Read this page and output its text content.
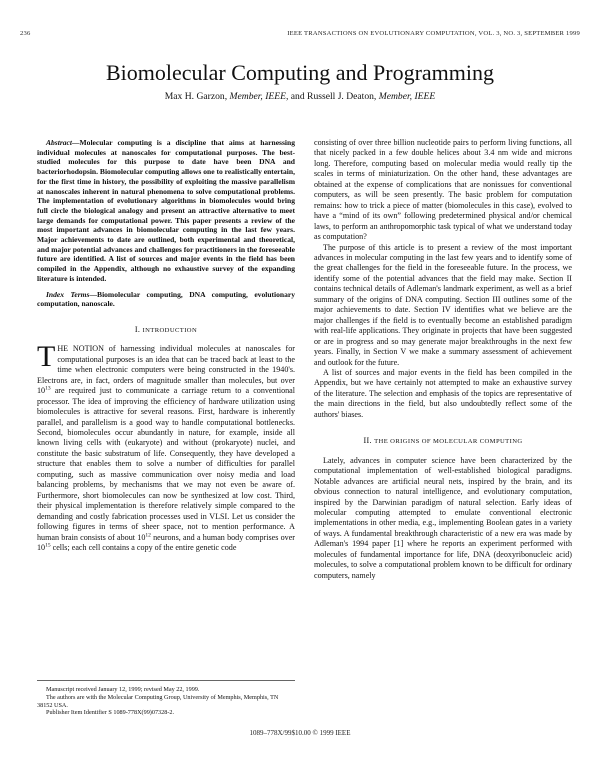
236	IEEE TRANSACTIONS ON EVOLUTIONARY COMPUTATION, VOL. 3, NO. 3, SEPTEMBER 1999
Biomolecular Computing and Programming
Max H. Garzon, Member, IEEE, and Russell J. Deaton, Member, IEEE

Abstract—Molecular computing is a discipline that aims at harnessing individual molecules at nanoscales for computational purposes. The best-studied molecules for this purpose to date have been DNA and bacteriorhodopsin. Biomolecular computing allows one to realistically entertain, for the first time in history, the possibility of exploiting the massive parallelism at nanoscales inherent in natural phenomena to solve computational problems. The implementation of evolutionary algorithms in biomolecules would bring full circle the biological analogy and present an attractive alternative to meet large demands for computational power. This paper presents a review of the most important advances in biomolecular computing in the last few years. Major achievements to date are outlined, both experimental and theoretical, and major potential advances and challenges for practitioners in the foreseeable future are identified. A list of sources and major events in the field has been compiled in the Appendix, although no exhaustive survey of the expanding literature is intended.

Index Terms—Biomolecular computing, DNA computing, evolutionary computation, nanoscale.

I. INTRODUCTION

THE NOTION of harnessing individual molecules at nanoscales for computational purposes is an idea that can be traced back at least to the time when electronic computers were being constructed in the 1940's. Electrons are, in fact, orders of magnitude smaller than molecules, but over $10^{13}$ are required just to communicate a carriage return to a conventional processor. The idea of improving the efficiency of hardware utilization using biomolecules is attractive for several reasons. First, hardware is inherently parallel, and parallelism is a good way to handle computational bottlenecks. Second, biomolecules occur abundantly in nature, for example, inside all known living cells with (eukaryote) and without (prokaryote) nuclei, and constitute the basic substratum of life. Consequently, they have developed a structure that enables them to solve a number of difficulties for parallel computing, such as massive communication over noisy media and load balancing problems, by mechanisms that we may not even be aware of. Furthermore, short biomolecules can now be synthesized at low cost. Third, their physical implementation is therefore relatively simple compared to the demanding and costly fabrication processes used in VLSI. Let us consider the following figures in terms of sheer space, not to mention performance. A human brain consists of about $10^{12}$ neurons, and a human body comprises over $10^{15}$ cells; each cell contains a copy of the entire genetic code

Manuscript received January 12, 1999; revised May 22, 1999.

The authors are with the Molecular Computing Group, University of Memphis, Memphis, TN 38152 USA.

Publisher Item Identifier S 1089-778X(99)07328-2.

consisting of over three billion nucleotide pairs to perform living functions, all that nicely packed in a few double helices about 3.4 nm wide and microns long. Therefore, computing based on molecular media would really tip the scales in terms of miniaturization. On the other hand, these advantages are obtained at the expense of complications that are nonissues for conventional computers, as will be seen presently. The basic problem for computation remains: how to trick a piece of matter (biomolecules in this case), evolved to have a “mind of its own” following predetermined physical and/or chemical laws, to perform an anthropomorphic task typical of what we understand today as computation?

The purpose of this article is to present a review of the most important advances in molecular computing in the last few years and to identify some of the great challenges for the field in the foreseeable future. In the process, we identify some of the potential advances that the field may make. Section II contains technical details of Adleman's landmark experiment, as well as a brief summary of the origins of DNA computing. Section III outlines some of the major achievements to date. Section IV identifies what we believe are the major challenges if the field is to eventually become an established paradigm with real-life applications. They originate in projects that have been suggested or are in progress and so may generate major breakthroughs in the next few years. Finally, in Section V we make a summary assessment of achievement and outlook for the future.

A list of sources and major events in the field has been compiled in the Appendix, but we have certainly not attempted to make an exhaustive survey of the literature. The selection and emphasis of the topics are representative of the main directions in the field, but also undoubtedly reflect some of the authors' biases.

II. THE ORIGINS OF MOLECULAR COMPUTING

Lately, advances in computer science have been characterized by the computational implementation of well-established biological paradigms. Notable advances are artificial neural nets, inspired by the brain, and its obvious connection to natural intelligence, and evolutionary computation, inspired by the Darwinian paradigm of natural selection. Early ideas of molecular computing attempted to emulate conventional electronic implementations in other media, e.g., implementing Boolean gates in a variety of ways. A fundamental breakthrough characteristic of a new era was made by Adleman's 1994 paper [1] where he reports an experiment performed with molecules of fundamental importance for life, DNA (deoxyribonucleic acid) molecules, to solve a computational problem known to be difficult for ordinary computers, namely

1089–778X/99$10.00 © 1999 IEEE
